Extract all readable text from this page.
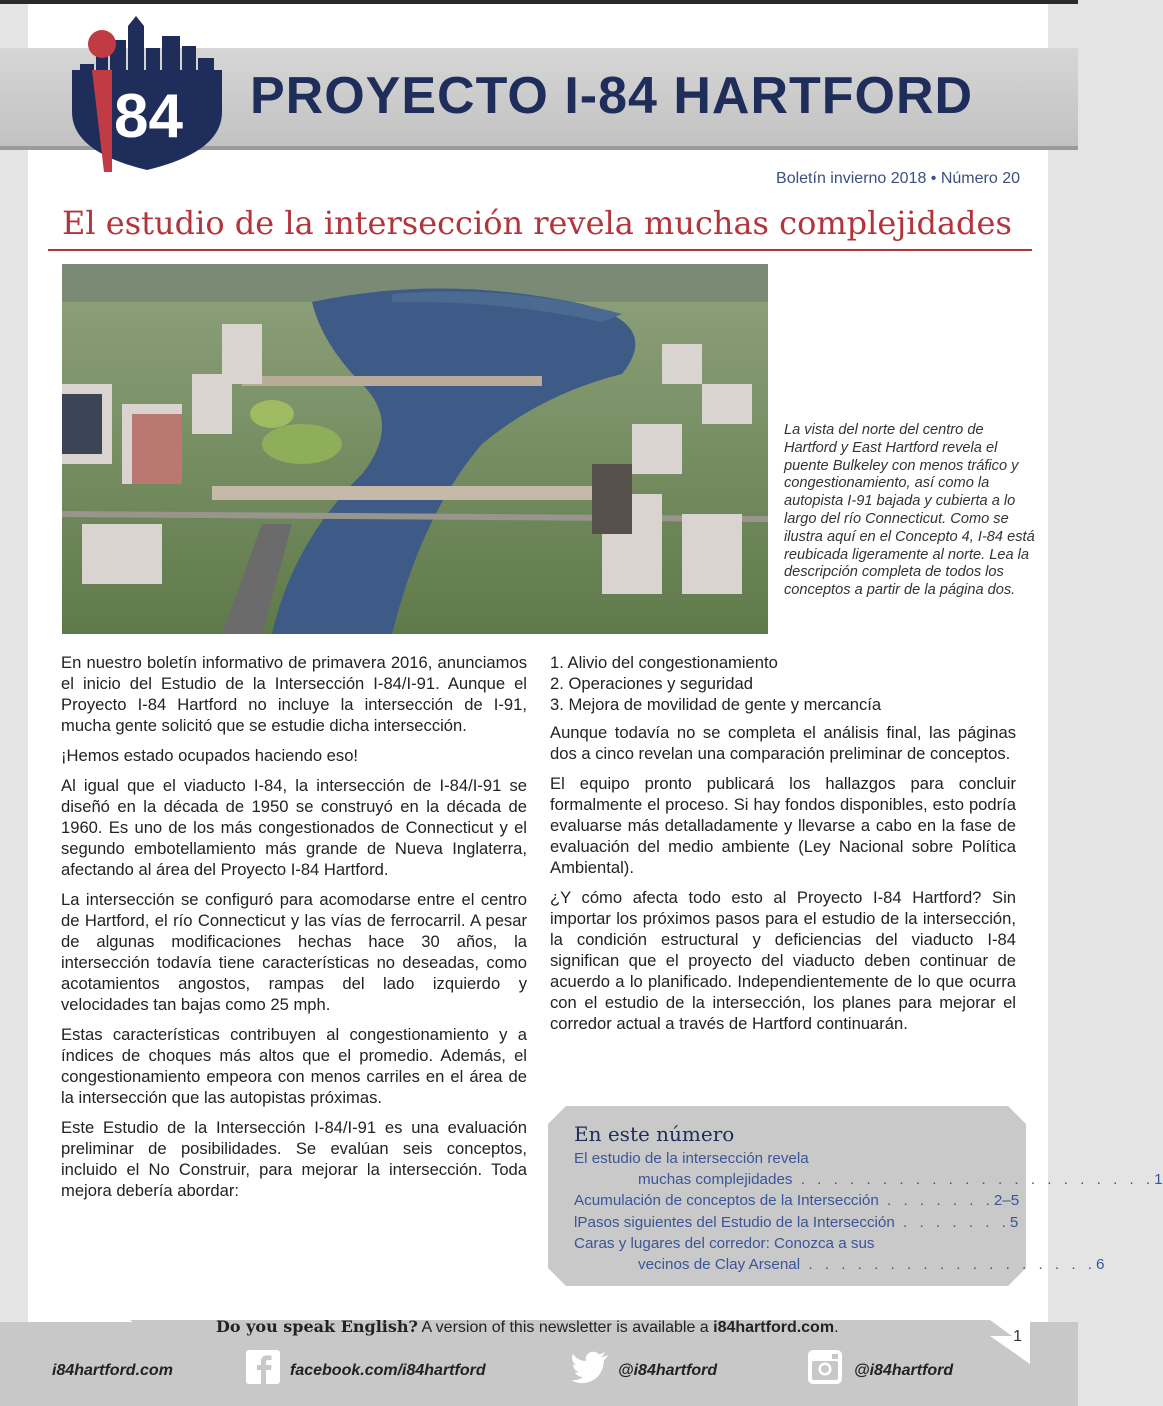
PROYECTO I-84 HARTFORD
84
Boletín invierno 2018 • Número 20
El estudio de la intersección revela muchas complejidades
La vista del norte del centro de Hartford y East Hartford revela el puente Bulkeley con menos tráfico y congestionamiento, así como la autopista I-91 bajada y cubierta a lo largo del río Connecticut. Como se ilustra aquí en el Concepto 4, I-84 está reubicada ligeramente al norte. Lea la descripción completa de todos los conceptos a partir de la página dos.

En nuestro boletín informativo de primavera 2016, anunciamos el inicio del Estudio de la Intersección I-84/I-91. Aunque el Proyecto I-84 Hartford no incluye la intersección de I-91, mucha gente solicitó que se estudie dicha intersección.

¡Hemos estado ocupados haciendo eso!

Al igual que el viaducto I-84, la intersección de I-84/I-91 se diseñó en la década de 1950 se construyó en la década de 1960. Es uno de los más congestionados de Connecticut y el segundo embotellamiento más grande de Nueva Inglaterra, afectando al área del Proyecto I-84 Hartford.

La intersección se configuró para acomodarse entre el centro de Hartford, el río Connecticut y las vías de ferrocarril. A pesar de algunas modificaciones hechas hace 30 años, la intersección todavía tiene características no deseadas, como acotamientos angostos, rampas del lado izquierdo y velocidades tan bajas como 25 mph.

Estas características contribuyen al congestionamiento y a índices de choques más altos que el promedio. Además, el congestionamiento empeora con menos carriles en el área de la intersección que las autopistas próximas.

Este Estudio de la Intersección I-84/I-91 es una evaluación preliminar de posibilidades. Se evalúan seis conceptos, incluido el No Construir, para mejorar la intersección. Toda mejora debería abordar:

1. Alivio del congestionamiento
2. Operaciones y seguridad
3. Mejora de movilidad de gente y mercancía

Aunque todavía no se completa el análisis final, las páginas dos a cinco revelan una comparación preliminar de conceptos.

El equipo pronto publicará los hallazgos para concluir formalmente el proceso. Si hay fondos disponibles, esto podría evaluarse más detalladamente y llevarse a cabo en la fase de evaluación del medio ambiente (Ley Nacional sobre Política Ambiental).

¿Y cómo afecta todo esto al Proyecto I-84 Hartford? Sin importar los próximos pasos para el estudio de la intersección, la condición estructural y deficiencias del viaducto I-84 significan que el proyecto del viaducto deben continuar de acuerdo a lo planificado. Independientemente de lo que ocurra con el estudio de la intersección, los planes para mejorar el corredor actual a través de Hartford continuarán.

En este número
El estudio de la intersección revela
muchas complejidades . . . . . . . . . . . . . . . . . . . . . . 1
Acumulación de conceptos de la Intersección . . . . . . . 2–5
lPasos siguientes del Estudio de la Intersección . . . . . . . 5
Caras y lugares del corredor: Conozca a sus
vecinos de Clay Arsenal . . . . . . . . . . . . . . . . . . 6
Do you speak English? A version of this newsletter is available a i84hartford.com.
1
i84hartford.com	facebook.com/i84hartford	@i84hartford	@i84hartford
